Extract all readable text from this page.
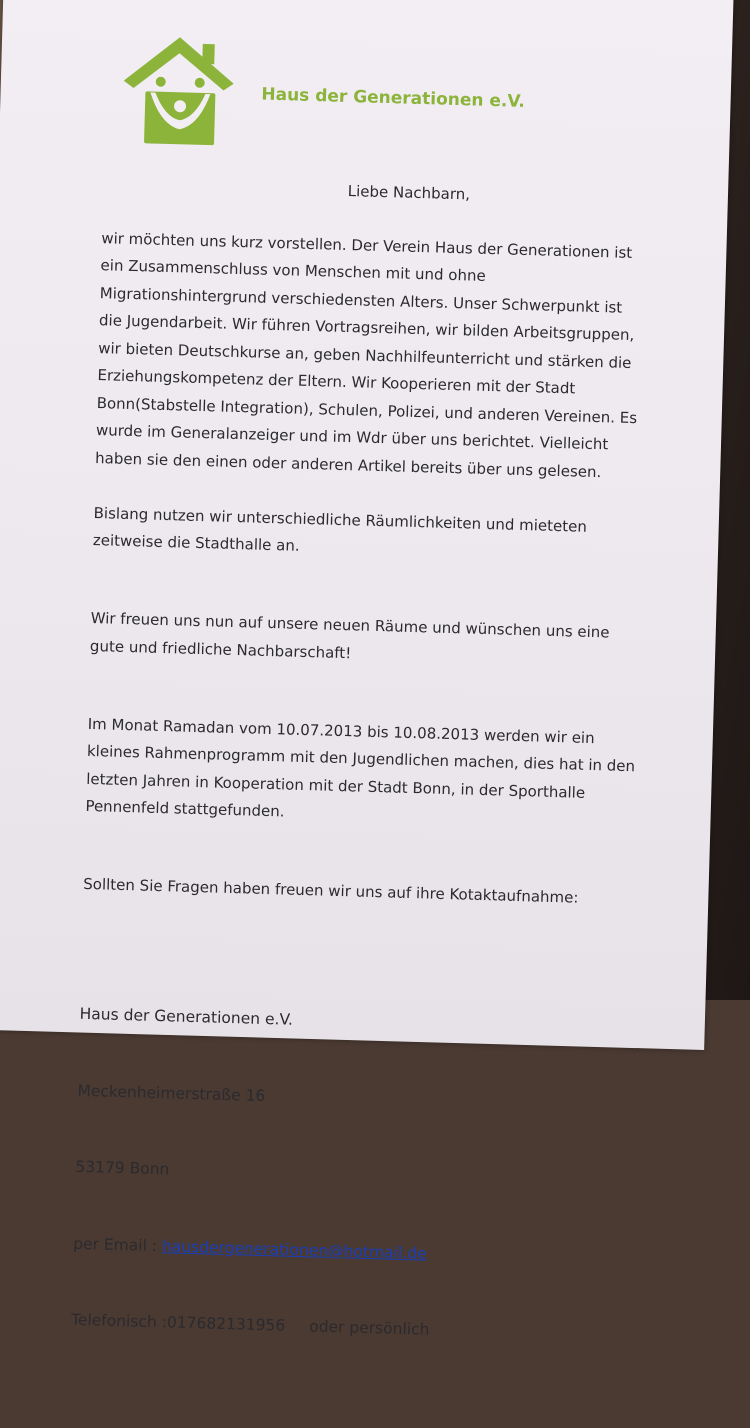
Haus der Generationen e.V.
Liebe Nachbarn,

wir möchten uns kurz vorstellen. Der Verein Haus der Generationen ist ein Zusammenschluss von Menschen mit und ohne Migrationshintergrund verschiedensten Alters. Unser Schwerpunkt ist die Jugendarbeit. Wir führen Vortragsreihen, wir bilden Arbeitsgruppen, wir bieten Deutschkurse an, geben Nachhilfeunterricht und stärken die Erziehungskompetenz der Eltern. Wir Kooperieren mit der Stadt Bonn(Stabstelle Integration), Schulen, Polizei, und anderen Vereinen. Es wurde im Generalanzeiger und im Wdr über uns berichtet. Vielleicht haben sie den einen oder anderen Artikel bereits über uns gelesen.

Bislang nutzen wir unterschiedliche Räumlichkeiten und mieteten zeitweise die Stadthalle an.

Wir freuen uns nun auf unsere neuen Räume und wünschen uns eine gute und friedliche Nachbarschaft!

Im Monat Ramadan vom 10.07.2013 bis 10.08.2013 werden wir ein kleines Rahmenprogramm mit den Jugendlichen machen, dies hat in den letzten Jahren in Kooperation mit der Stadt Bonn, in der Sporthalle Pennenfeld stattgefunden.

Sollten Sie Fragen haben freuen wir uns auf ihre Kotaktaufnahme:

Haus der Generationen e.V.

Meckenheimerstraße 16

53179 Bonn

per Email : hausdergenerationen@hotmail.de

Telefonisch :017682131956 oder persönlich
